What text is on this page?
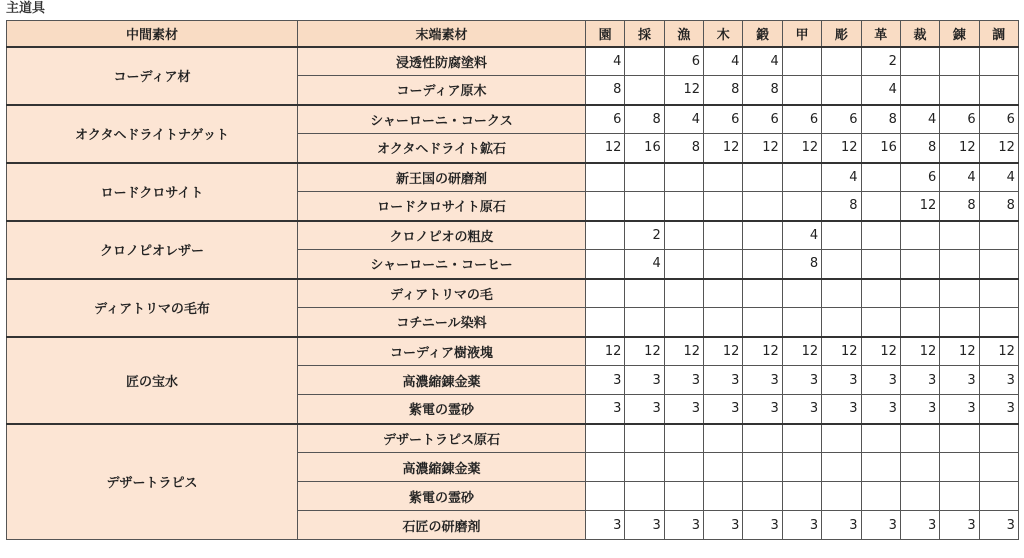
主道具
中間素材	末端素材	園	採	漁	木	鍛	甲	彫	革	裁	錬	調
コーディア材	浸透性防腐塗料	4		6	4	4			2			
	コーディア原木	8		12	8	8			4			
オクタヘドライトナゲット	シャーローニ・コークス	6	8	4	6	6	6	6	8	4	6	6
	オクタヘドライト鉱石	12	16	8	12	12	12	12	16	8	12	12
ロードクロサイト	新王国の研磨剤							4		6	4	4
	ロードクロサイト原石							8		12	8	8
クロノピオレザー	クロノピオの粗皮		2				4					
	シャーローニ・コーヒー		4				8					
ディアトリマの毛布	ディアトリマの毛											
	コチニール染料											
匠の宝水	コーディア樹液塊	12	12	12	12	12	12	12	12	12	12	12
	高濃縮錬金薬	3	3	3	3	3	3	3	3	3	3	3
	紫電の霊砂	3	3	3	3	3	3	3	3	3	3	3
デザートラピス	デザートラピス原石											
	高濃縮錬金薬											
	紫電の霊砂											
	石匠の研磨剤	3	3	3	3	3	3	3	3	3	3	3
